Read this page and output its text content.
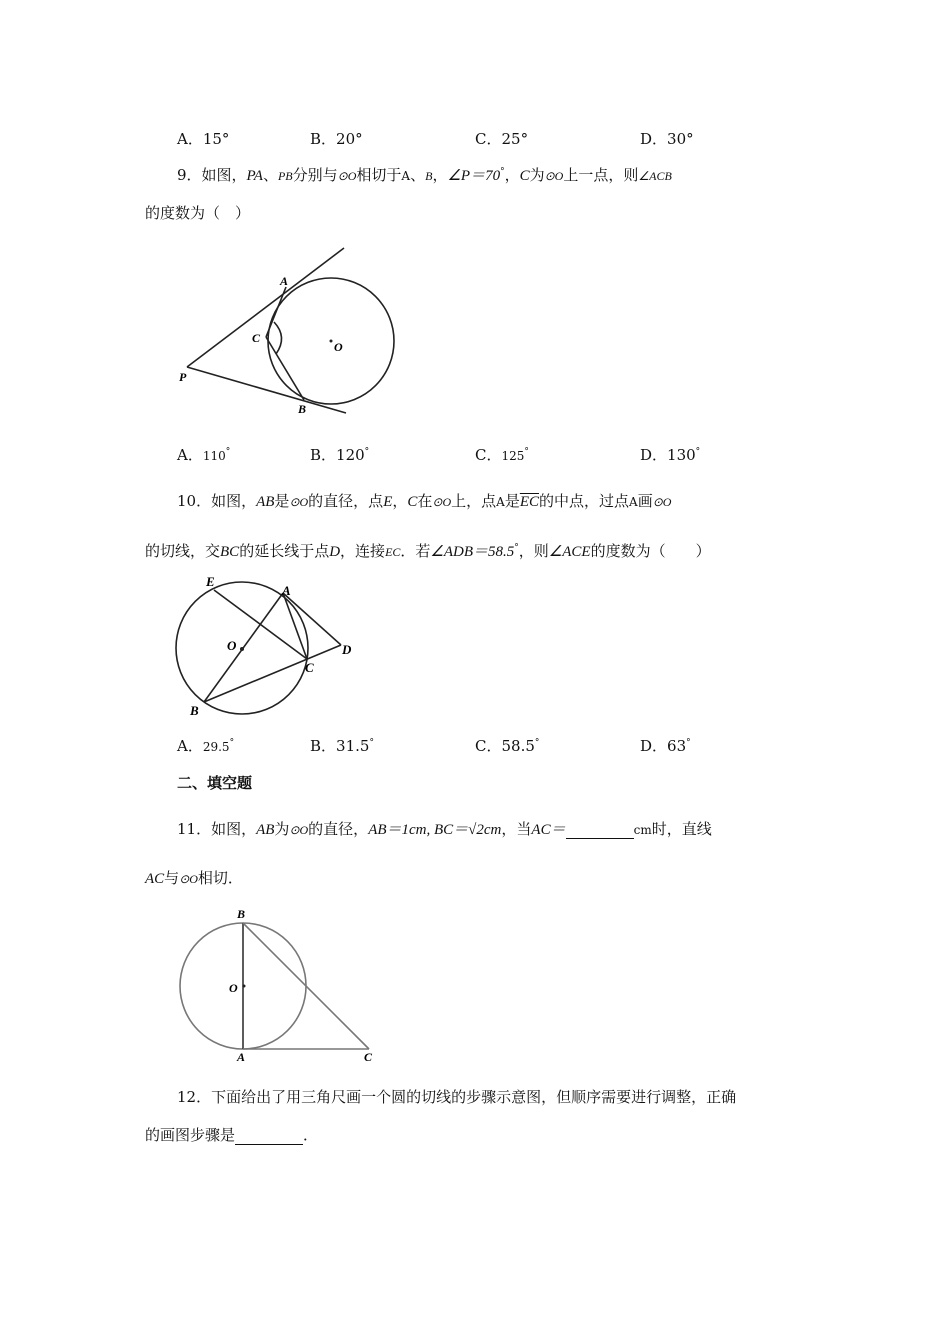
A．15°	B．20°	C．25°	D．30°
9．如图，PA、PB分别与⊙O相切于A、B，∠P＝70°，C为⊙O上一点，则∠ACB
的度数为（　）
A
C
O
P
B
A．110°	B．120°	C．125°	D．130°
10．如图，AB是⊙O的直径，点E，C在⊙O上，点A是$\overline{EC}$的中点，过点A画⊙O
的切线，交BC的延长线于点D，连接EC．若∠ADB＝58.5°，则∠ACE的度数为（　　）
E
A
O
C
D
B
A．29.5°	B．31.5°	C．58.5°	D．63°
二、填空题
11．如图，AB为⊙O的直径，AB＝1cm, BC＝√2cm，当AC＝	cm时，直线
AC与⊙O相切．
B
O
A	C
12．下面给出了用三角尺画一个圆的切线的步骤示意图，但顺序需要进行调整，正确
的画图步骤是	．
